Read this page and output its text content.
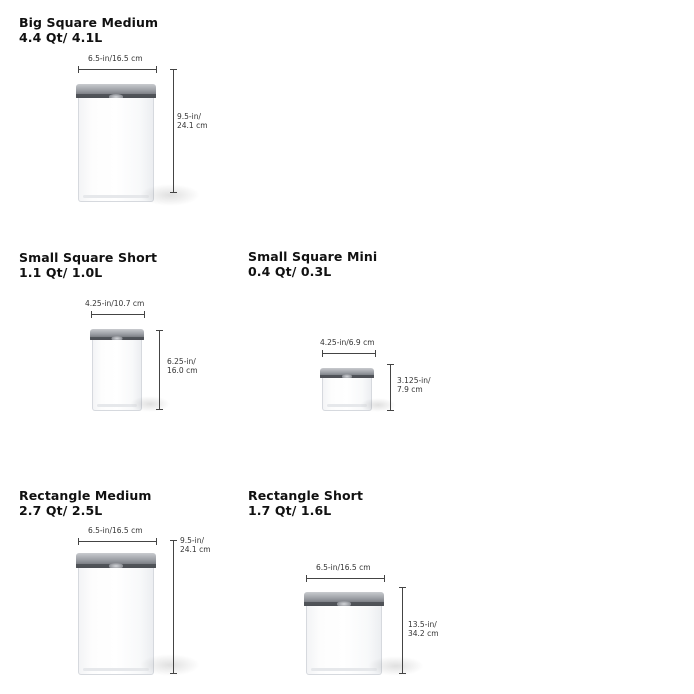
Big Square Medium
4.4 Qt/ 4.1L
6.5-in/16.5 cm
9.5-in/
24.1 cm
Small Square Short
1.1 Qt/ 1.0L
4.25-in/10.7 cm
6.25-in/
16.0 cm
Small Square Mini
0.4 Qt/ 0.3L
4.25-in/6.9 cm
3.125-in/
7.9 cm
Rectangle Medium
2.7 Qt/ 2.5L
6.5-in/16.5 cm
9.5-in/
24.1 cm
Rectangle Short
1.7 Qt/ 1.6L
6.5-in/16.5 cm
13.5-in/
34.2 cm
